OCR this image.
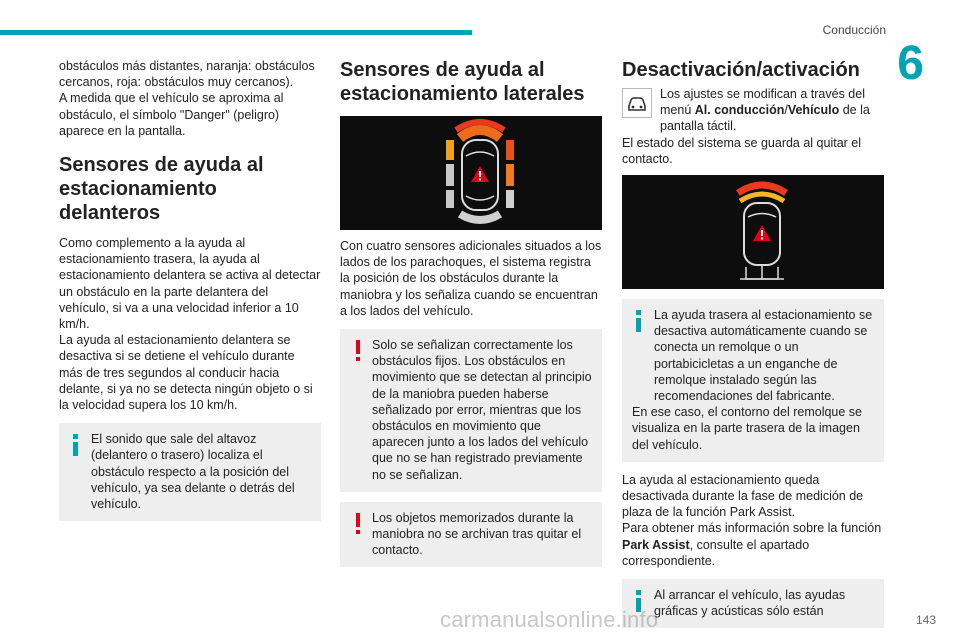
Conducción
6

obstáculos más distantes, naranja: obstáculos cercanos, roja: obstáculos muy cercanos).

A medida que el vehículo se aproxima al obstáculo, el símbolo "Danger" (peligro) aparece en la pantalla.

Sensores de ayuda al estacionamiento delanteros

Como complemento a la ayuda al estacionamiento trasera, la ayuda al estacionamiento delantera se activa al detectar un obstáculo en la parte delantera del vehículo, si va a una velocidad inferior a 10 km/h.

La ayuda al estacionamiento delantera se desactiva si se detiene el vehículo durante más de tres segundos al conducir hacia delante, si ya no se detecta ningún objeto o si la velocidad supera los 10 km/h.

El sonido que sale del altavoz (delantero o trasero) localiza el obstáculo respecto a la posición del vehículo, ya sea delante o detrás del vehículo.

Sensores de ayuda al estacionamiento laterales

Con cuatro sensores adicionales situados a los lados de los parachoques, el sistema registra la posición de los obstáculos durante la maniobra y los señaliza cuando se encuentran a los lados del vehículo.

Solo se señalizan correctamente los obstáculos fijos. Los obstáculos en movimiento que se detectan al principio de la maniobra pueden haberse señalizado por error, mientras que los obstáculos en movimiento que aparecen junto a los lados del vehículo que no se han registrado previamente no se señalizan.

Los objetos memorizados durante la maniobra no se archivan tras quitar el contacto.

Desactivación/activación

Los ajustes se modifican a través del menú Al. conducción/Vehículo de la pantalla táctil.

El estado del sistema se guarda al quitar el contacto.

La ayuda trasera al estacionamiento se desactiva automáticamente cuando se conecta un remolque o un portabicicletas a un enganche de remolque instalado según las recomendaciones del fabricante.

En ese caso, el contorno del remolque se visualiza en la parte trasera de la imagen del vehículo.

La ayuda al estacionamiento queda desactivada durante la fase de medición de plaza de la función Park Assist.

Para obtener más información sobre la función Park Assist, consulte el apartado correspondiente.

Al arrancar el vehículo, las ayudas gráficas y acústicas sólo están

carmanualsonline.info	143
